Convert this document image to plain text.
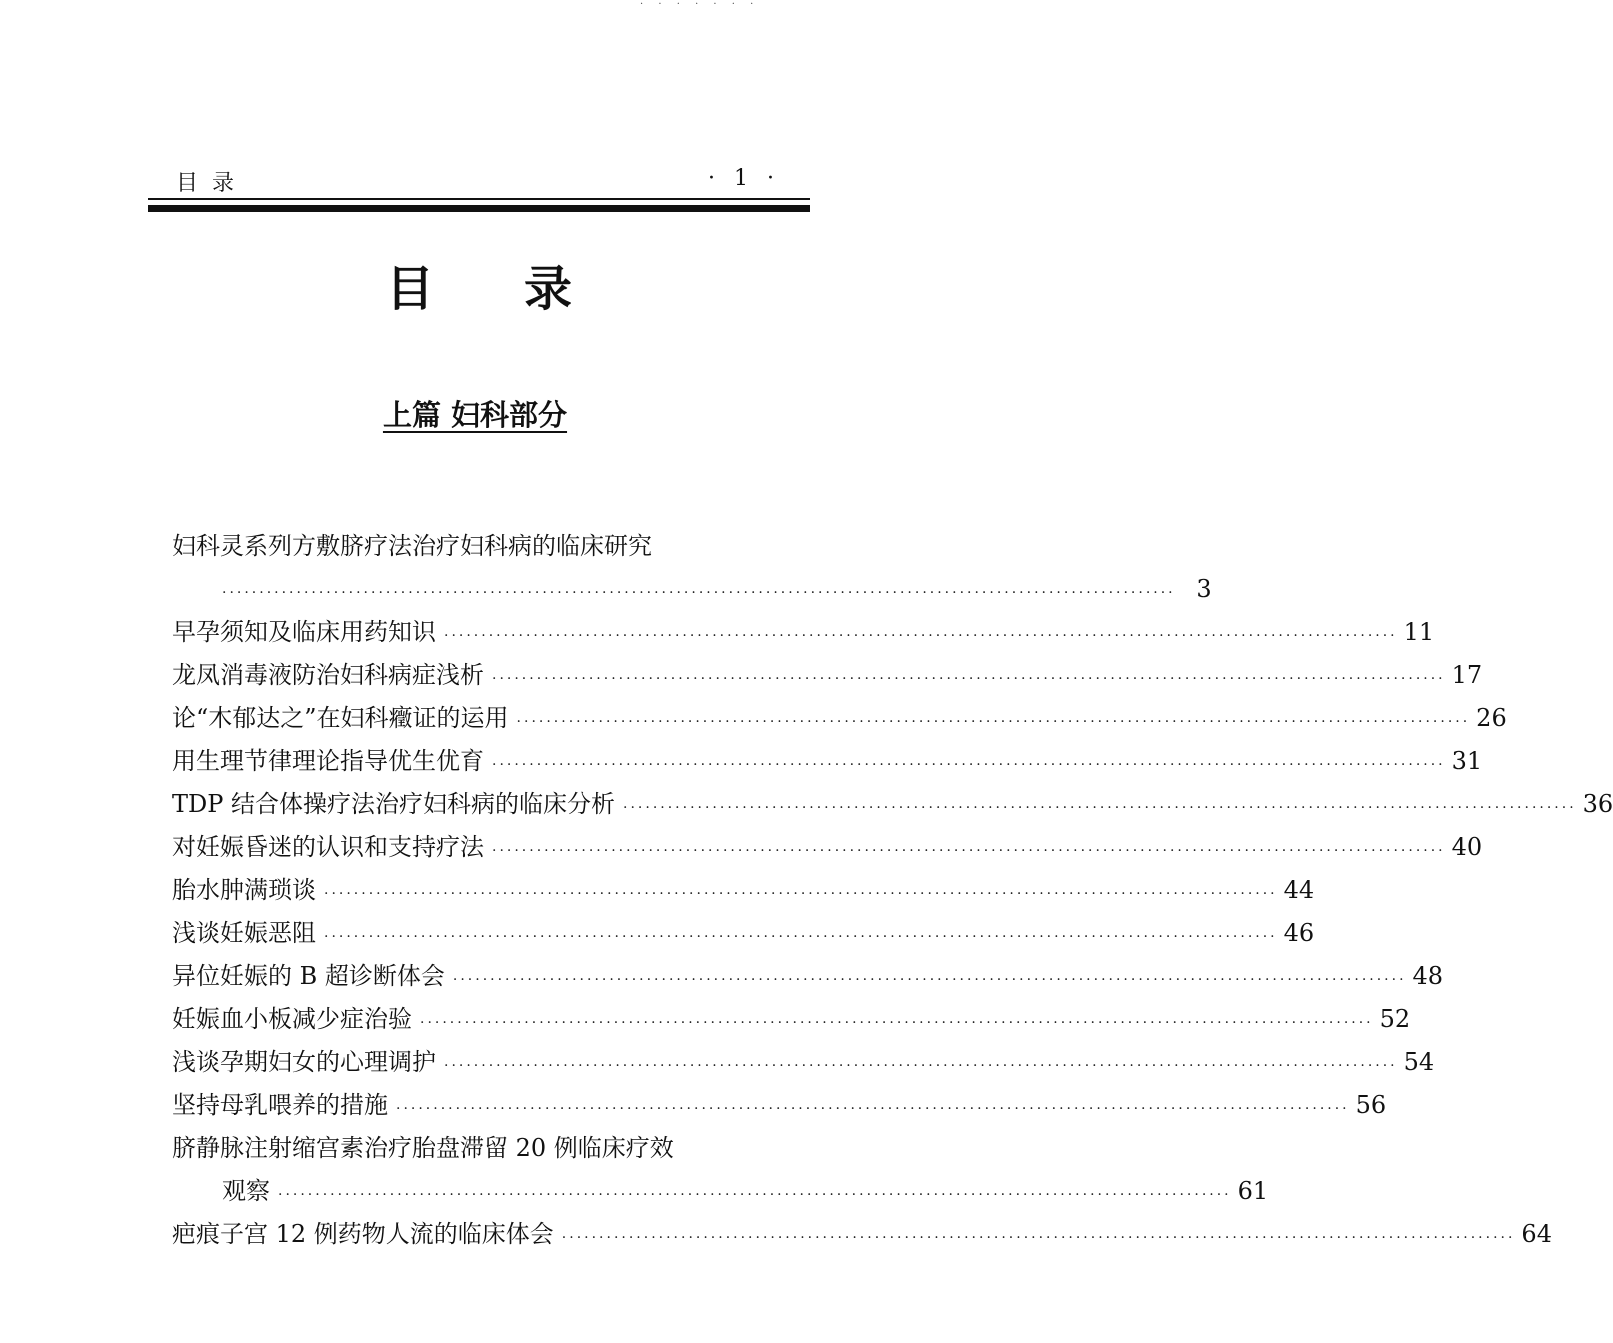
· · · · · · ·
目录	· 1 ·
目录
上篇 妇科部分
妇科灵系列方敷脐疗法治疗妇科病的临床研究
································································································································ 3
早孕须知及临床用药知识 ································································································································ 11
龙凤消毒液防治妇科病症浅析 ································································································································ 17
论“木郁达之”在妇科癥证的运用 ································································································································ 26
用生理节律理论指导优生优育 ································································································································ 31
TDP 结合体操疗法治疗妇科病的临床分析 ································································································································ 36
对妊娠昏迷的认识和支持疗法 ································································································································ 40
胎水肿满琐谈 ································································································································ 44
浅谈妊娠恶阻 ································································································································ 46
异位妊娠的 B 超诊断体会 ································································································································ 48
妊娠血小板减少症治验 ································································································································ 52
浅谈孕期妇女的心理调护 ································································································································ 54
坚持母乳喂养的措施 ································································································································ 56
脐静脉注射缩宫素治疗胎盘滞留 20 例临床疗效
观察 ································································································································ 61
疤痕子宫 12 例药物人流的临床体会 ································································································································ 64
